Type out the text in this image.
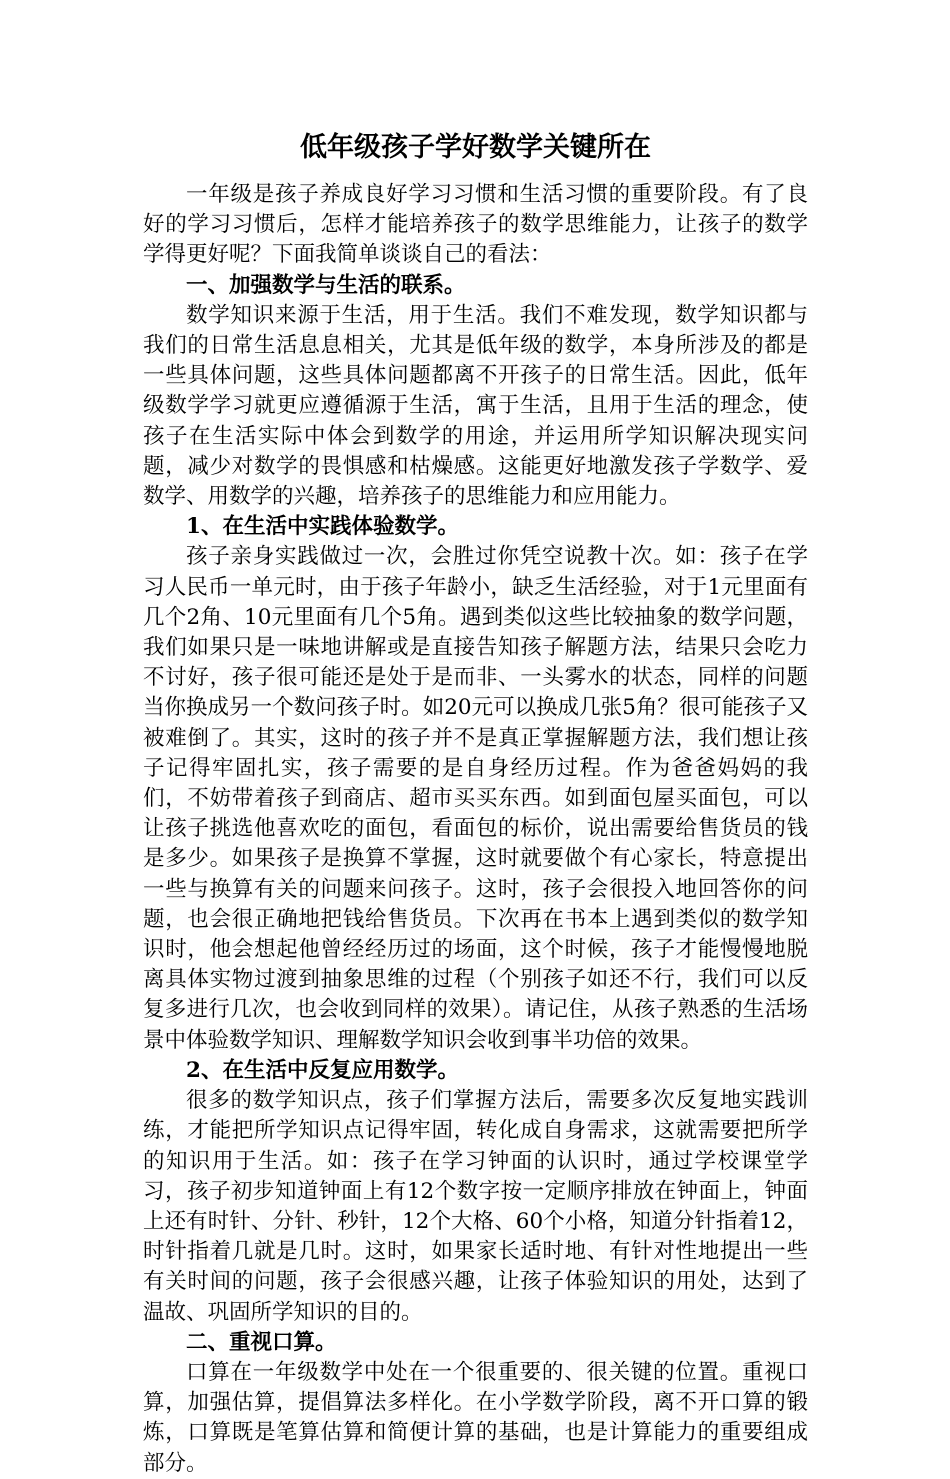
低年级孩子学好数学关键所在

一年级是孩子养成良好学习习惯和生活习惯的重要阶段。有了良好的学习习惯后，怎样才能培养孩子的数学思维能力，让孩子的数学学得更好呢？下面我简单谈谈自己的看法：

一、加强数学与生活的联系。

数学知识来源于生活，用于生活。我们不难发现，数学知识都与我们的日常生活息息相关，尤其是低年级的数学，本身所涉及的都是一些具体问题，这些具体问题都离不开孩子的日常生活。因此，低年级数学学习就更应遵循源于生活，寓于生活，且用于生活的理念，使孩子在生活实际中体会到数学的用途，并运用所学知识解决现实问题，减少对数学的畏惧感和枯燥感。这能更好地激发孩子学数学、爱数学、用数学的兴趣，培养孩子的思维能力和应用能力。

1、在生活中实践体验数学。

孩子亲身实践做过一次，会胜过你凭空说教十次。如：孩子在学习人民币一单元时，由于孩子年龄小，缺乏生活经验，对于1元里面有几个2角、10元里面有几个5角。遇到类似这些比较抽象的数学问题，我们如果只是一味地讲解或是直接告知孩子解题方法，结果只会吃力不讨好，孩子很可能还是处于是而非、一头雾水的状态，同样的问题当你换成另一个数问孩子时。如20元可以换成几张5角？很可能孩子又被难倒了。其实，这时的孩子并不是真正掌握解题方法，我们想让孩子记得牢固扎实，孩子需要的是自身经历过程。作为爸爸妈妈的我们，不妨带着孩子到商店、超市买买东西。如到面包屋买面包，可以让孩子挑选他喜欢吃的面包，看面包的标价，说出需要给售货员的钱是多少。如果孩子是换算不掌握，这时就要做个有心家长，特意提出一些与换算有关的问题来问孩子。这时，孩子会很投入地回答你的问题，也会很正确地把钱给售货员。下次再在书本上遇到类似的数学知识时，他会想起他曾经经历过的场面，这个时候，孩子才能慢慢地脱离具体实物过渡到抽象思维的过程（个别孩子如还不行，我们可以反复多进行几次，也会收到同样的效果）。请记住，从孩子熟悉的生活场景中体验数学知识、理解数学知识会收到事半功倍的效果。

2、在生活中反复应用数学。

很多的数学知识点，孩子们掌握方法后，需要多次反复地实践训练，才能把所学知识点记得牢固，转化成自身需求，这就需要把所学的知识用于生活。如：孩子在学习钟面的认识时，通过学校课堂学习，孩子初步知道钟面上有12个数字按一定顺序排放在钟面上，钟面上还有时针、分针、秒针，12个大格、60个小格，知道分针指着12，时针指着几就是几时。这时，如果家长适时地、有针对性地提出一些有关时间的问题，孩子会很感兴趣，让孩子体验知识的用处，达到了温故、巩固所学知识的目的。

二、重视口算。

口算在一年级数学中处在一个很重要的、很关键的位置。重视口算，加强估算，提倡算法多样化。在小学数学阶段，离不开口算的锻炼，口算既是笔算估算和简便计算的基础，也是计算能力的重要组成部分。
